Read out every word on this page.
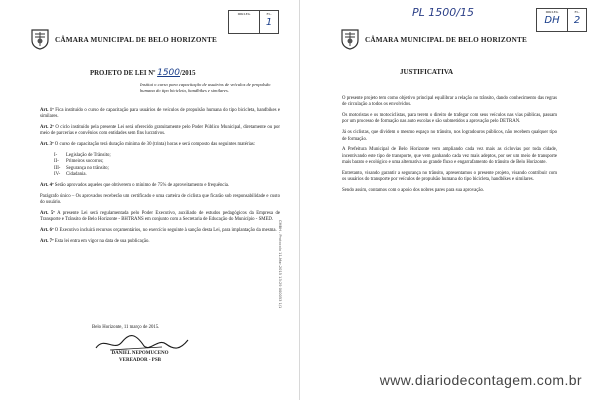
CÂMARA MUNICIPAL DE BELO HORIZONTE
DIRLEG	FL.
1
PROJETO DE LEI Nº 1500/2015
Institui o curso para capacitação de usuários de veículos de propulsão humana do tipo bicicleta, handbikes e similares.

Art. 1º Fica instituído o curso de capacitação para usuários de veículos de propulsão humana do tipo bicicleta, handbikes e similares.

Art. 2º O ciclo instituído pela presente Lei será oferecido gratuitamente pelo Poder Público Municipal, diretamente ou por meio de parcerias e convênios com entidades sem fins lucrativos.

Art. 3º O curso de capacitação terá duração mínima de 30 (trinta) horas e será composto das seguintes matérias:

I-	Legislação de Trânsito;
II-	Primeiros socorros;
III-	Segurança no trânsito;
IV-	Cidadania.

Art. 4º Serão aprovados aqueles que obtiverem o mínimo de 75% de aproveitamento e frequência.

Parágrafo único – Os aprovados receberão um certificado e uma carteira de ciclista que ficarão sob responsabilidade e custo do usuário.

Art. 5º A presente Lei será regulamentada pelo Poder Executivo, auxiliado de estudos pedagógicos da Empresa de Transporte e Trânsito de Belo Horizonte - BHTRANS em conjunto com a Secretaria de Educação do Município - SMED.

Art. 6º O Executivo incluirá recursos orçamentários, no exercício seguinte à sanção desta Lei, para implantação da mesma.

Art. 7º Esta lei entra em vigor na data de sua publicação.

Belo Horizonte, 11 março de 2015.
DANIEL NEPOMUCENO
VEREADOR - PSB
CMBH - Protocolo 11-Mar-2015 13:29 000053 1/1
PL 1500/15
CÂMARA MUNICIPAL DE BELO HORIZONTE
DIRLEG
DH
FL.
2
JUSTIFICATIVA

O presente projeto tem como objetivo principal equilibrar a relação no trânsito, dando conhecimento das regras de circulação a todos os envolvidos.

Os motoristas e os motociclistas, para terem o direito de trafegar com seus veículos nas vias públicas, passam por um processo de formação nas auto escolas e são submetidos a aprovação pelo DETRAN.

Já os ciclistas, que dividem o mesmo espaço no trânsito, nos logradouros públicos, não recebem qualquer tipo de formação.

A Prefeitura Municipal de Belo Horizonte vem ampliando cada vez mais as ciclovias por toda cidade, incentivando este tipo de transporte, que vem ganhando cada vez mais adeptos, por ser um meio de transporte mais barato e ecológico e uma alternativa ao grande fluxo e engarrafamento do trânsito de Belo Horizonte.

Entretanto, visando garantir a segurança no trânsito, apresentamos o presente projeto, visando contribuir com os usuários do transporte por veículos de propulsão humana do tipo bicicleta, handbikes e similares.

Sendo assim, contamos com o apoio dos nobres pares para sua aprovação.

www.diariodecontagem.com.br
